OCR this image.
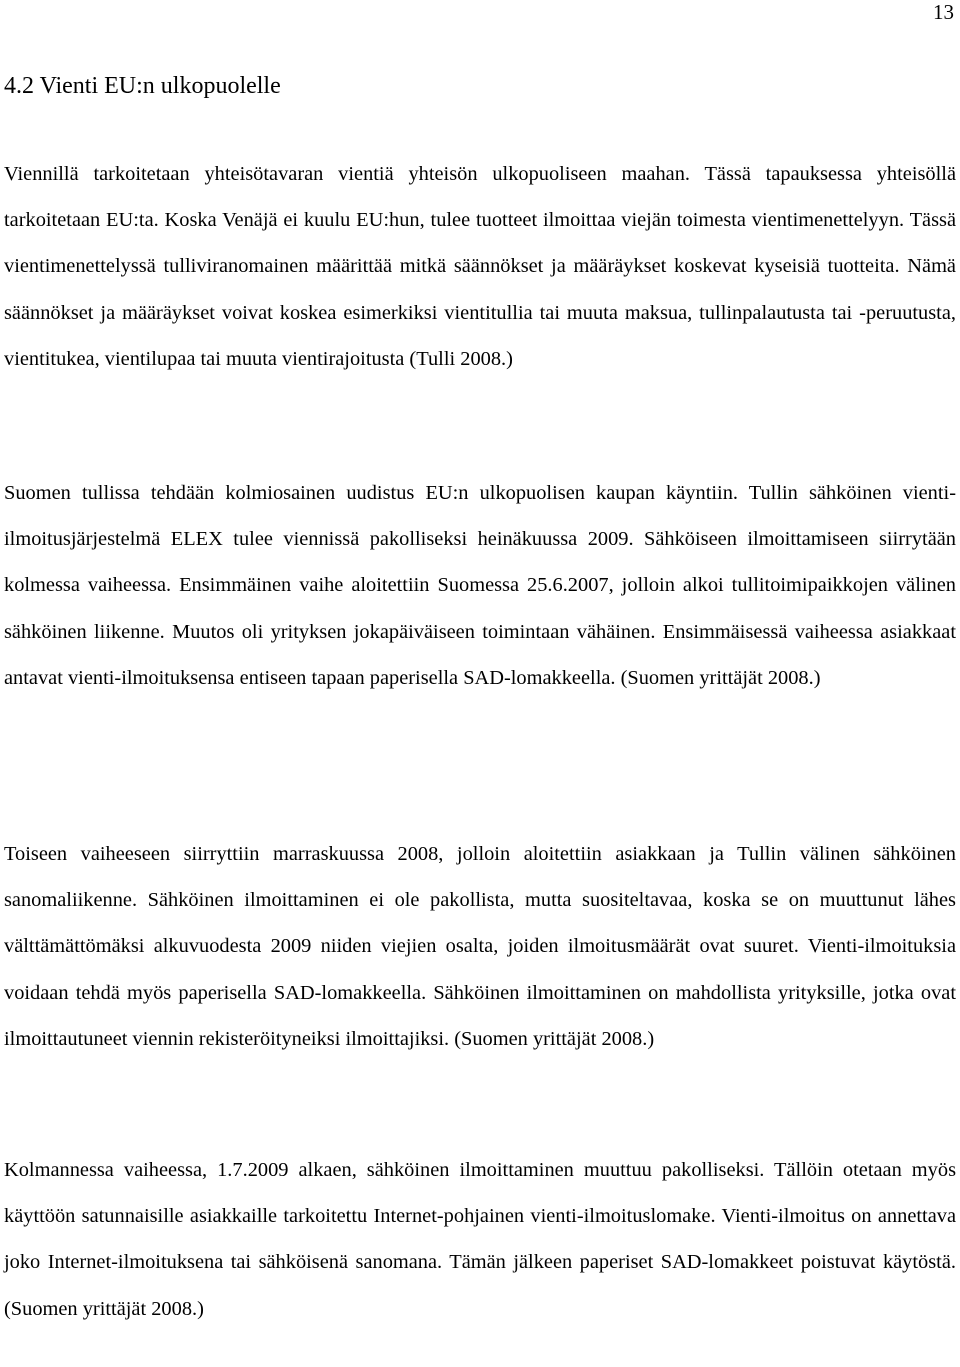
13
4.2 Vienti EU:n ulkopuolelle

Viennillä tarkoitetaan yhteisötavaran vientiä yhteisön ulkopuoliseen maahan. Tässä tapauksessa yhteisöllä tarkoitetaan EU:ta. Koska Venäjä ei kuulu EU:hun, tulee tuotteet ilmoittaa viejän toimesta vientimenettelyyn. Tässä vientimenettelyssä tulliviranomainen määrittää mitkä säännökset ja määräykset koskevat kyseisiä tuotteita. Nämä säännökset ja määräykset voivat koskea esimerkiksi vientitullia tai muuta maksua, tullinpalautusta tai -peruutusta, vientitukea, vientilupaa tai muuta vientirajoitusta (Tulli 2008.)

Suomen tullissa tehdään kolmiosainen uudistus EU:n ulkopuolisen kaupan käyntiin. Tullin sähköinen vienti-ilmoitusjärjestelmä ELEX tulee viennissä pakolliseksi heinäkuussa 2009. Sähköiseen ilmoittamiseen siirrytään kolmessa vaiheessa. Ensimmäinen vaihe aloitettiin Suomessa 25.6.2007, jolloin alkoi tullitoimipaikkojen välinen sähköinen liikenne. Muutos oli yrityksen jokapäiväiseen toimintaan vähäinen. Ensimmäisessä vaiheessa asiakkaat antavat vienti-ilmoituksensa entiseen tapaan paperisella SAD-lomakkeella. (Suomen yrittäjät 2008.)

Toiseen vaiheeseen siirryttiin marraskuussa 2008, jolloin aloitettiin asiakkaan ja Tullin välinen sähköinen sanomaliikenne. Sähköinen ilmoittaminen ei ole pakollista, mutta suositeltavaa, koska se on muuttunut lähes välttämättömäksi alkuvuodesta 2009 niiden viejien osalta, joiden ilmoitusmäärät ovat suuret. Vienti-ilmoituksia voidaan tehdä myös paperisella SAD-lomakkeella. Sähköinen ilmoittaminen on mahdollista yrityksille, jotka ovat ilmoittautuneet viennin rekisteröityneiksi ilmoittajiksi. (Suomen yrittäjät 2008.)

Kolmannessa vaiheessa, 1.7.2009 alkaen, sähköinen ilmoittaminen muuttuu pakolliseksi. Tällöin otetaan myös käyttöön satunnaisille asiakkaille tarkoitettu Internet-pohjainen vienti-ilmoituslomake. Vienti-ilmoitus on annettava joko Internet-ilmoituksena tai sähköisenä sanomana. Tämän jälkeen paperiset SAD-lomakkeet poistuvat käytöstä. (Suomen yrittäjät 2008.)
